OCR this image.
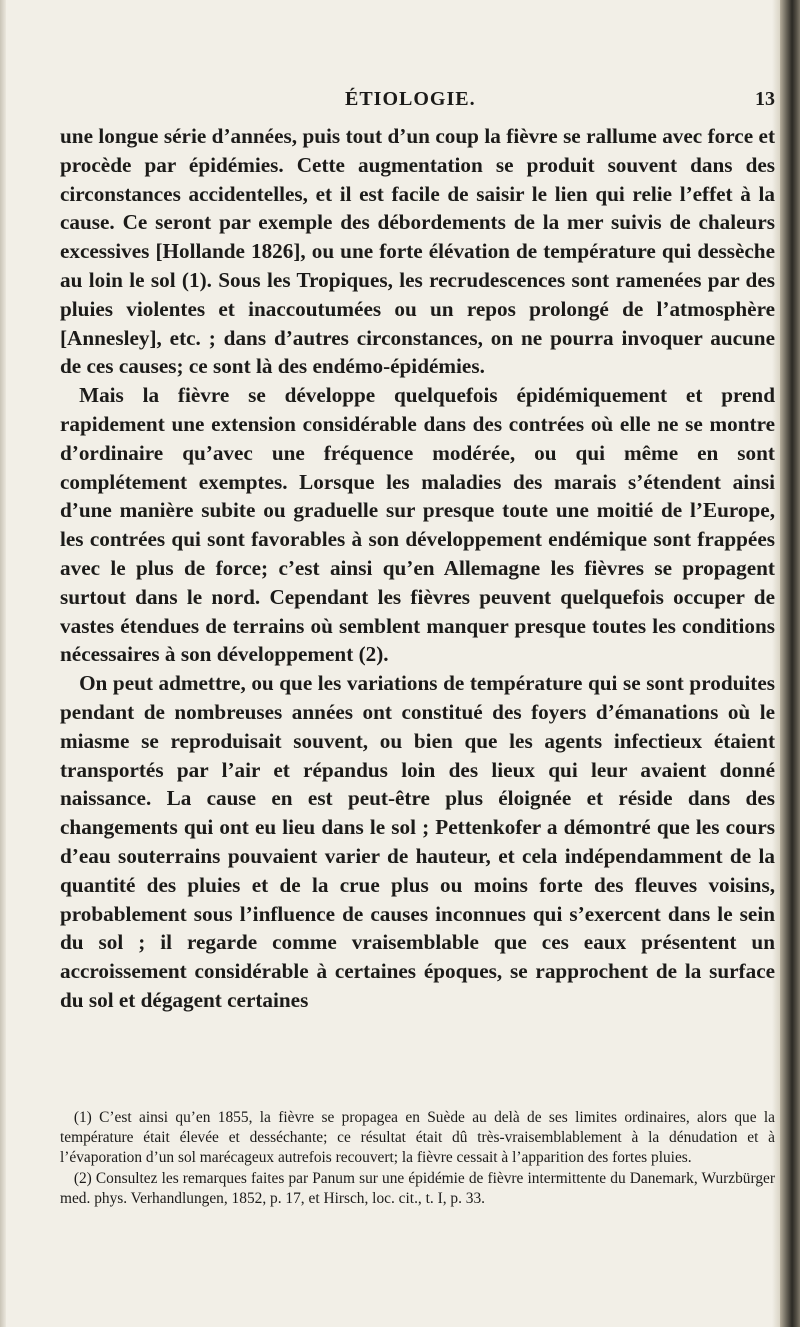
ÉTIOLOGIE.	13

une longue série d’années, puis tout d’un coup la fièvre se rallume avec force et procède par épidémies. Cette augmentation se produit souvent dans des circonstances accidentelles, et il est facile de saisir le lien qui relie l’effet à la cause. Ce seront par exemple des débordements de la mer suivis de chaleurs excessives [Hollande 1826], ou une forte élévation de température qui dessèche au loin le sol (1). Sous les Tropiques, les recrudescences sont ramenées par des pluies violentes et inaccoutumées ou un repos prolongé de l’atmosphère [Annesley], etc. ; dans d’autres circonstances, on ne pourra invoquer aucune de ces causes; ce sont là des endémo-épidémies.

Mais la fièvre se développe quelquefois épidémiquement et prend rapidement une extension considérable dans des contrées où elle ne se montre d’ordinaire qu’avec une fréquence modérée, ou qui même en sont complétement exemptes. Lorsque les maladies des marais s’étendent ainsi d’une manière subite ou graduelle sur presque toute une moitié de l’Europe, les contrées qui sont favorables à son développement endémique sont frappées avec le plus de force; c’est ainsi qu’en Allemagne les fièvres se propagent surtout dans le nord. Cependant les fièvres peuvent quelquefois occuper de vastes étendues de terrains où semblent manquer presque toutes les conditions nécessaires à son développement (2).

On peut admettre, ou que les variations de température qui se sont produites pendant de nombreuses années ont constitué des foyers d’émanations où le miasme se reproduisait souvent, ou bien que les agents infectieux étaient transportés par l’air et répandus loin des lieux qui leur avaient donné naissance. La cause en est peut-être plus éloignée et réside dans des changements qui ont eu lieu dans le sol ; Pettenkofer a démontré que les cours d’eau souterrains pouvaient varier de hauteur, et cela indépendamment de la quantité des pluies et de la crue plus ou moins forte des fleuves voisins, probablement sous l’influence de causes inconnues qui s’exercent dans le sein du sol ; il regarde comme vraisemblable que ces eaux présentent un accroissement considérable à certaines époques, se rapprochent de la surface du sol et dégagent certaines

(1) C’est ainsi qu’en 1855, la fièvre se propagea en Suède au delà de ses limites ordinaires, alors que la température était élevée et desséchante; ce résultat était dû très-vraisemblablement à la dénudation et à l’évaporation d’un sol marécageux autrefois recouvert; la fièvre cessait à l’apparition des fortes pluies.

(2) Consultez les remarques faites par Panum sur une épidémie de fièvre intermittente du Danemark, Wurzbürger med. phys. Verhandlungen, 1852, p. 17, et Hirsch, loc. cit., t. I, p. 33.
